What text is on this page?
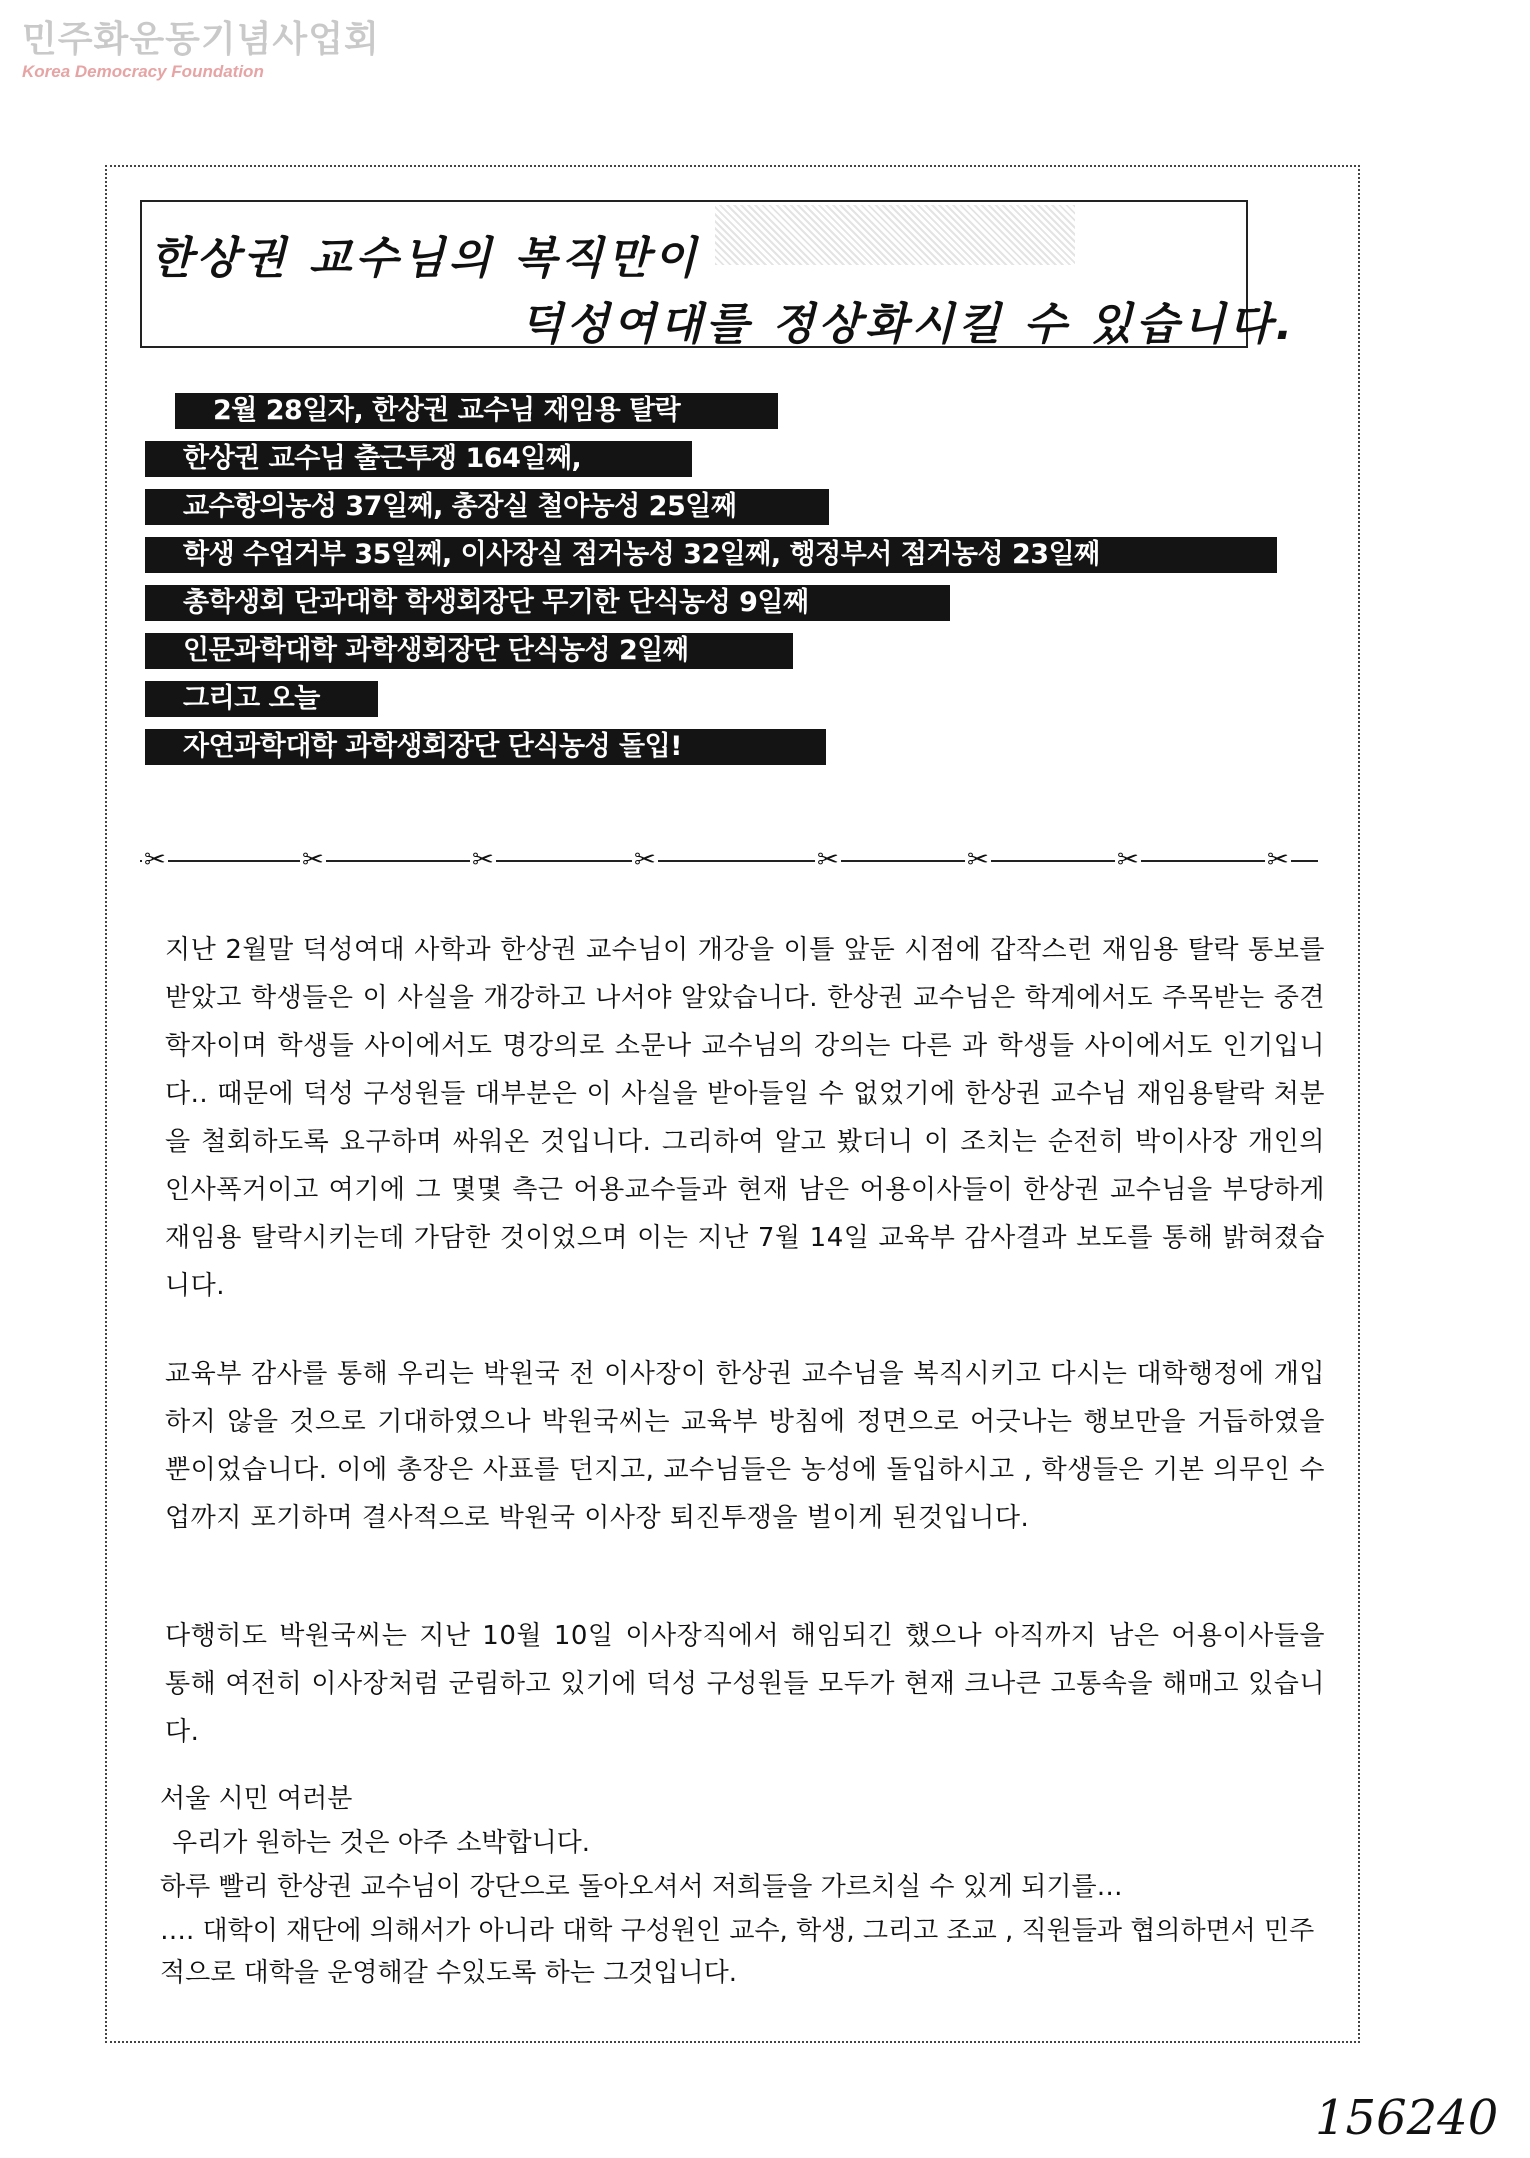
민주화운동기념사업회
Korea Democracy Foundation
한상권 교수님의 복직만이
덕성여대를 정상화시킬 수 있습니다.
2월 28일자, 한상권 교수님 재임용 탈락
한상권 교수님 출근투쟁 164일째,
교수항의농성 37일째, 총장실 철야농성 25일째
학생 수업거부 35일째, 이사장실 점거농성 32일째, 행정부서 점거농성 23일째
총학생회 단과대학 학생회장단 무기한 단식농성 9일째
인문과학대학 과학생회장단 단식농성 2일째
그리고 오늘
자연과학대학 과학생회장단 단식농성 돌입!
✂	✂	✂	✂	✂	✂	✂	✂
지난 2월말 덕성여대 사학과 한상권 교수님이 개강을 이틀 앞둔 시점에 갑작스런 재임용 탈락 통보를 받았고 학생들은 이 사실을 개강하고 나서야 알았습니다. 한상권 교수님은 학계에서도 주목받는 중견 학자이며 학생들 사이에서도 명강의로 소문나 교수님의 강의는 다른 과 학생들 사이에서도 인기입니다.. 때문에 덕성 구성원들 대부분은 이 사실을 받아들일 수 없었기에 한상권 교수님 재임용탈락 처분을 철회하도록 요구하며 싸워온 것입니다. 그리하여 알고 봤더니 이 조치는 순전히 박이사장 개인의 인사폭거이고 여기에 그 몇몇 측근 어용교수들과 현재 남은 어용이사들이 한상권 교수님을 부당하게 재임용 탈락시키는데 가담한 것이었으며 이는 지난 7월 14일 교육부 감사결과 보도를 통해 밝혀졌습니다.
교육부 감사를 통해 우리는 박원국 전 이사장이 한상권 교수님을 복직시키고 다시는 대학행정에 개입하지 않을 것으로 기대하였으나 박원국씨는 교육부 방침에 정면으로 어긋나는 행보만을 거듭하였을 뿐이었습니다. 이에 총장은 사표를 던지고, 교수님들은 농성에 돌입하시고 , 학생들은 기본 의무인 수업까지 포기하며 결사적으로 박원국 이사장 퇴진투쟁을 벌이게 된것입니다.
다행히도 박원국씨는 지난 10월 10일 이사장직에서 해임되긴 했으나 아직까지 남은 어용이사들을 통해 여전히 이사장처럼 군림하고 있기에 덕성 구성원들 모두가 현재 크나큰 고통속을 해매고 있습니다.
서울 시민 여러분
우리가 원하는 것은 아주 소박합니다.
하루 빨리 한상권 교수님이 강단으로 돌아오셔서 저희들을 가르치실 수 있게 되기를…
…. 대학이 재단에 의해서가 아니라 대학 구성원인 교수, 학생, 그리고 조교 , 직원들과 협의하면서 민주적으로 대학을 운영해갈 수있도록 하는 그것입니다.
156240
